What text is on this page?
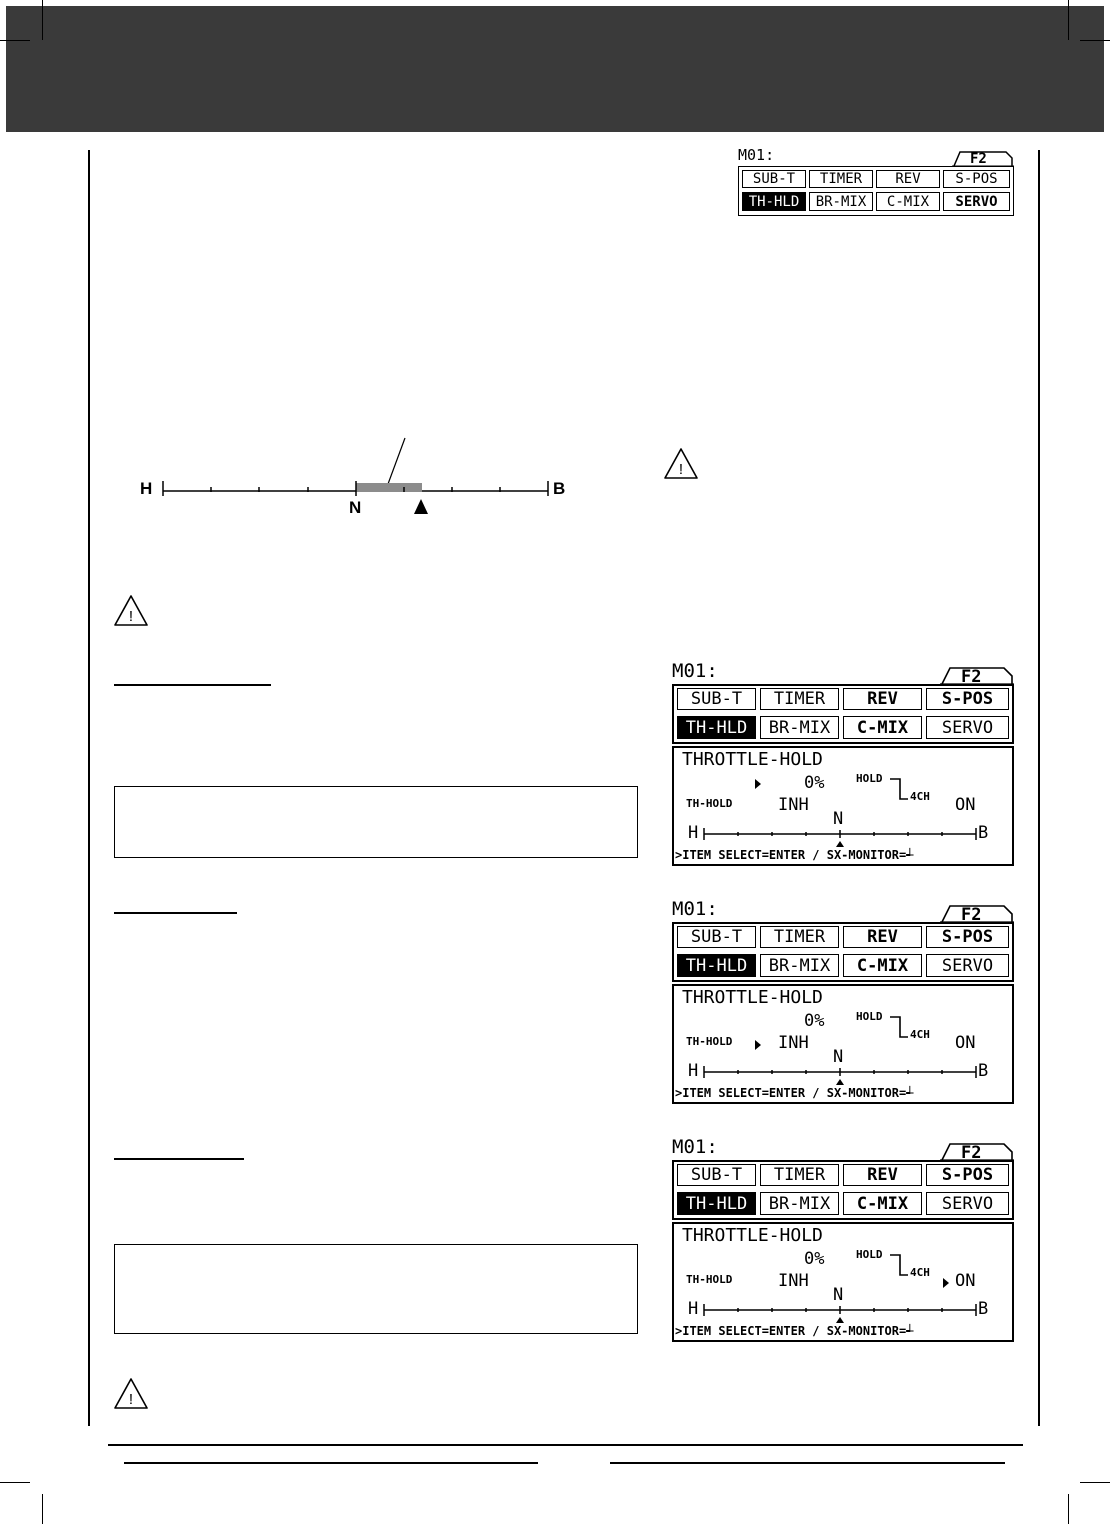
M01:	F2
SUB-T	TIMER	REV	S-POS
TH-HLD	BR-MIX	C-MIX	SERVO
H	B
N
!
!
!
M01:	F2
SUB-T	TIMER	REV	S-POS
TH-HLD	BR-MIX	C-MIX	SERVO
THROTTLE-HOLD
0%	HOLD
4CH
TH-HOLD	INH	ON
N
H	B
>ITEM SELECT=ENTER / SX-MONITOR=┵
M01:	F2
SUB-T	TIMER	REV	S-POS
TH-HLD	BR-MIX	C-MIX	SERVO
THROTTLE-HOLD
0%	HOLD
4CH
TH-HOLD	INH	ON
N
H	B
>ITEM SELECT=ENTER / SX-MONITOR=┵
M01:	F2
SUB-T	TIMER	REV	S-POS
TH-HLD	BR-MIX	C-MIX	SERVO
THROTTLE-HOLD
0%	HOLD
4CH
TH-HOLD	INH	ON
N
H	B
>ITEM SELECT=ENTER / SX-MONITOR=┵
